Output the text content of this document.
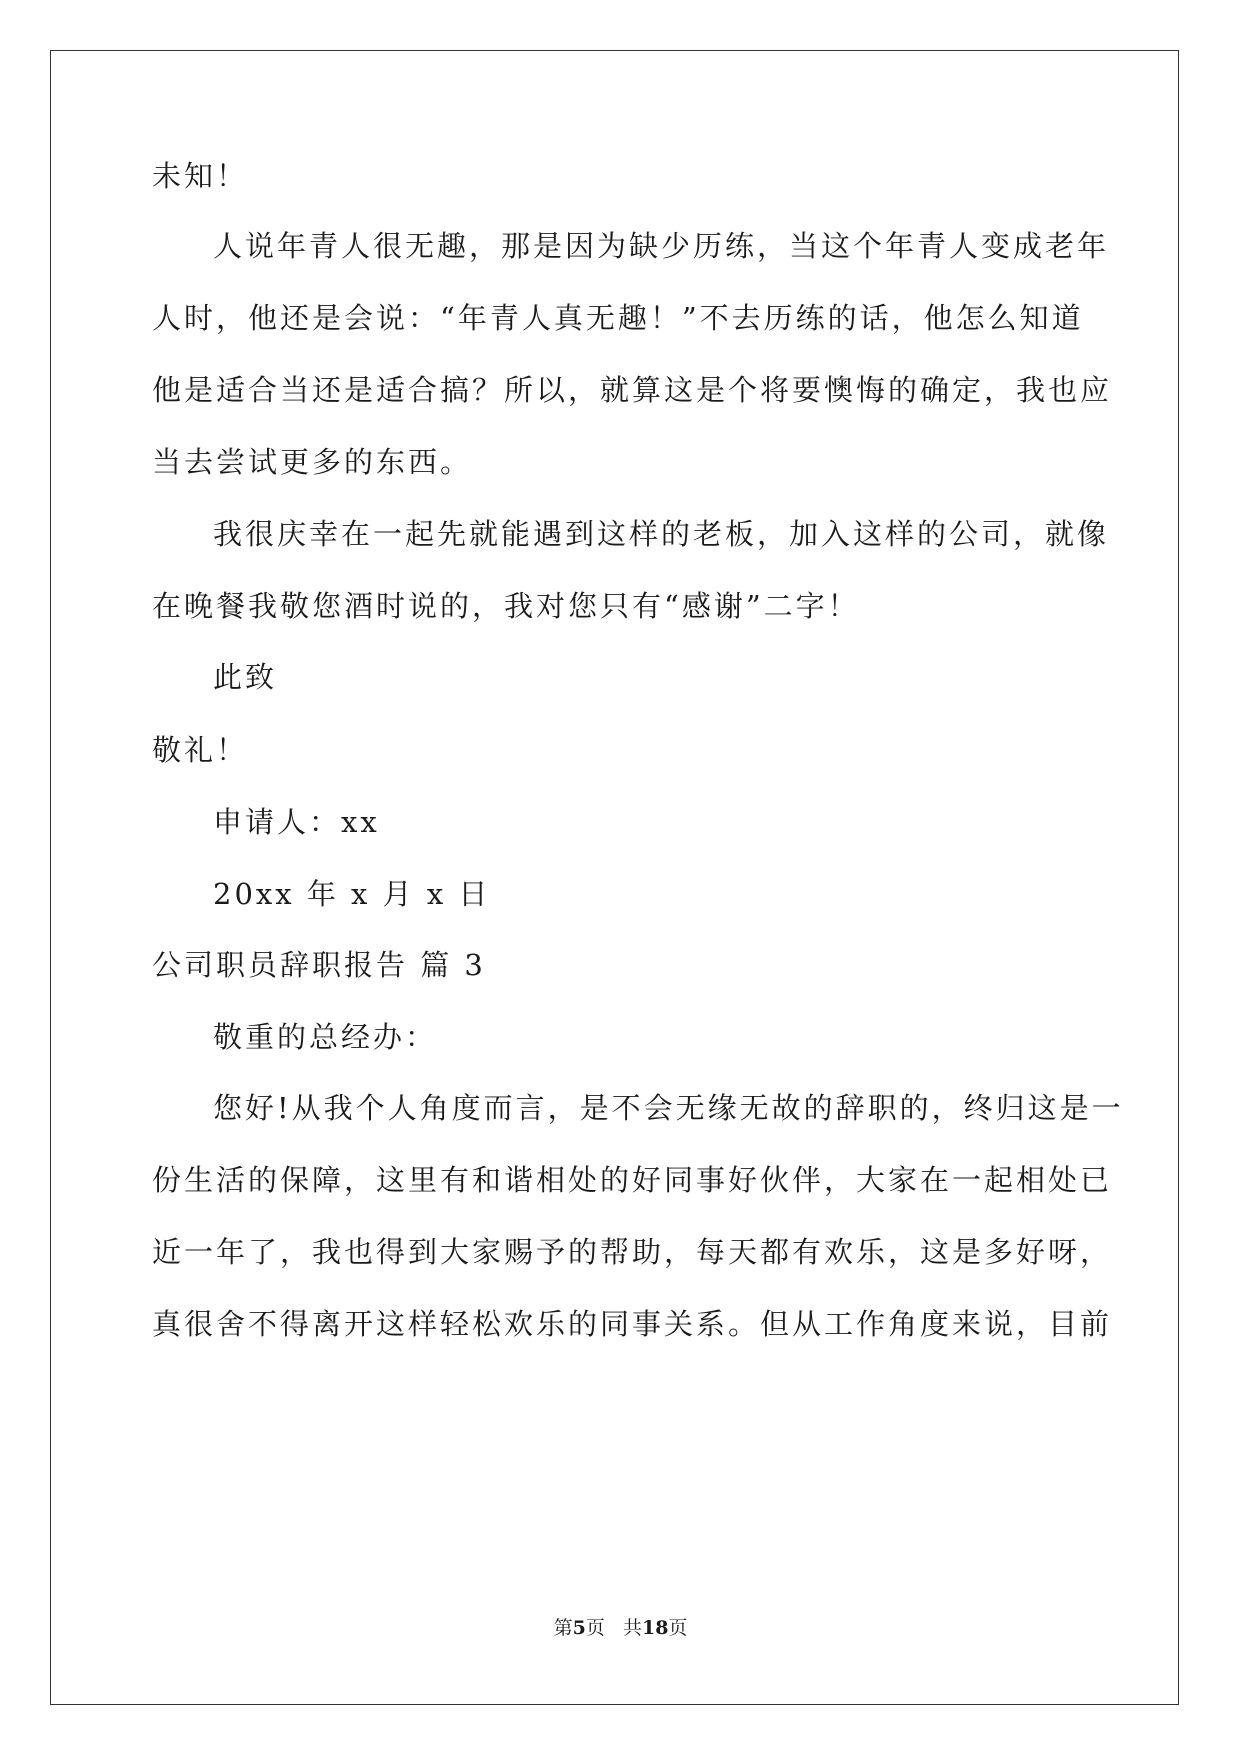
未知！
人说年青人很无趣，那是因为缺少历练，当这个年青人变成老年
人时，他还是会说：“年青人真无趣！”不去历练的话，他怎么知道
他是适合当还是适合搞？所以，就算这是个将要懊悔的确定，我也应
当去尝试更多的东西。
我很庆幸在一起先就能遇到这样的老板，加入这样的公司，就像
在晚餐我敬您酒时说的，我对您只有“感谢”二字！
此致
敬礼！
申请人：xx
20xx 年 x 月 x 日
公司职员辞职报告 篇 3
敬重的总经办：
您好!从我个人角度而言，是不会无缘无故的辞职的，终归这是一
份生活的保障，这里有和谐相处的好同事好伙伴，大家在一起相处已
近一年了，我也得到大家赐予的帮助，每天都有欢乐，这是多好呀，
真很舍不得离开这样轻松欢乐的同事关系。但从工作角度来说，目前
第5页 共18页
